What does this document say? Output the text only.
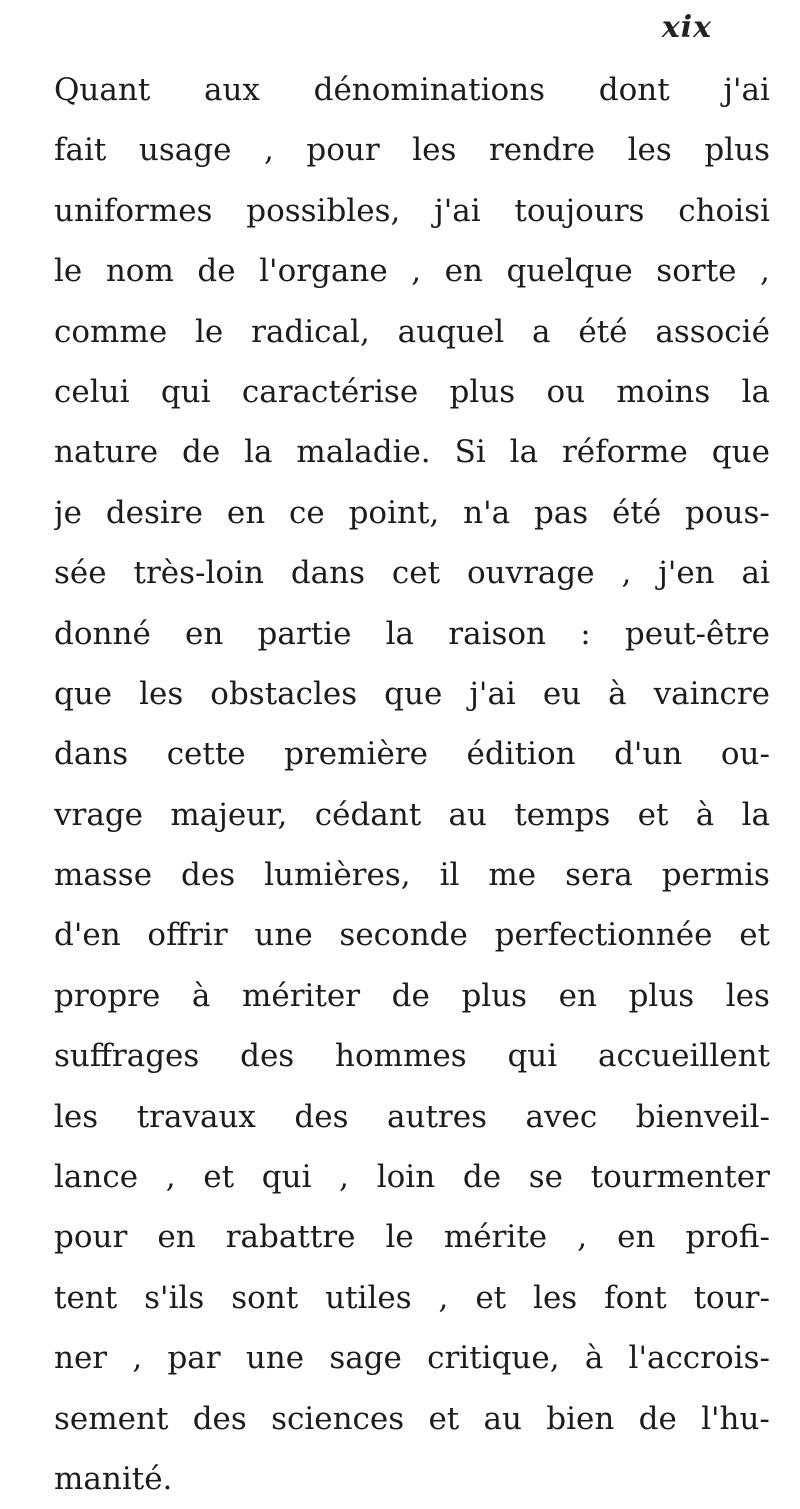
xix
Quant aux dénominations dont j'ai
fait usage , pour les rendre les plus
uniformes possibles, j'ai toujours choisi
le nom de l'organe , en quelque sorte ,
comme le radical, auquel a été associé
celui qui caractérise plus ou moins la
nature de la maladie. Si la réforme que
je desire en ce point, n'a pas été pous-
sée très-loin dans cet ouvrage , j'en ai
donné en partie la raison : peut-être
que les obstacles que j'ai eu à vaincre
dans cette première édition d'un ou-
vrage majeur, cédant au temps et à la
masse des lumières, il me sera permis
d'en offrir une seconde perfectionnée et
propre à mériter de plus en plus les
suffrages des hommes qui accueillent
les travaux des autres avec bienveil-
lance , et qui , loin de se tourmenter
pour en rabattre le mérite , en profi-
tent s'ils sont utiles , et les font tour-
ner , par une sage critique, à l'accrois-
sement des sciences et au bien de l'hu-
manité.
